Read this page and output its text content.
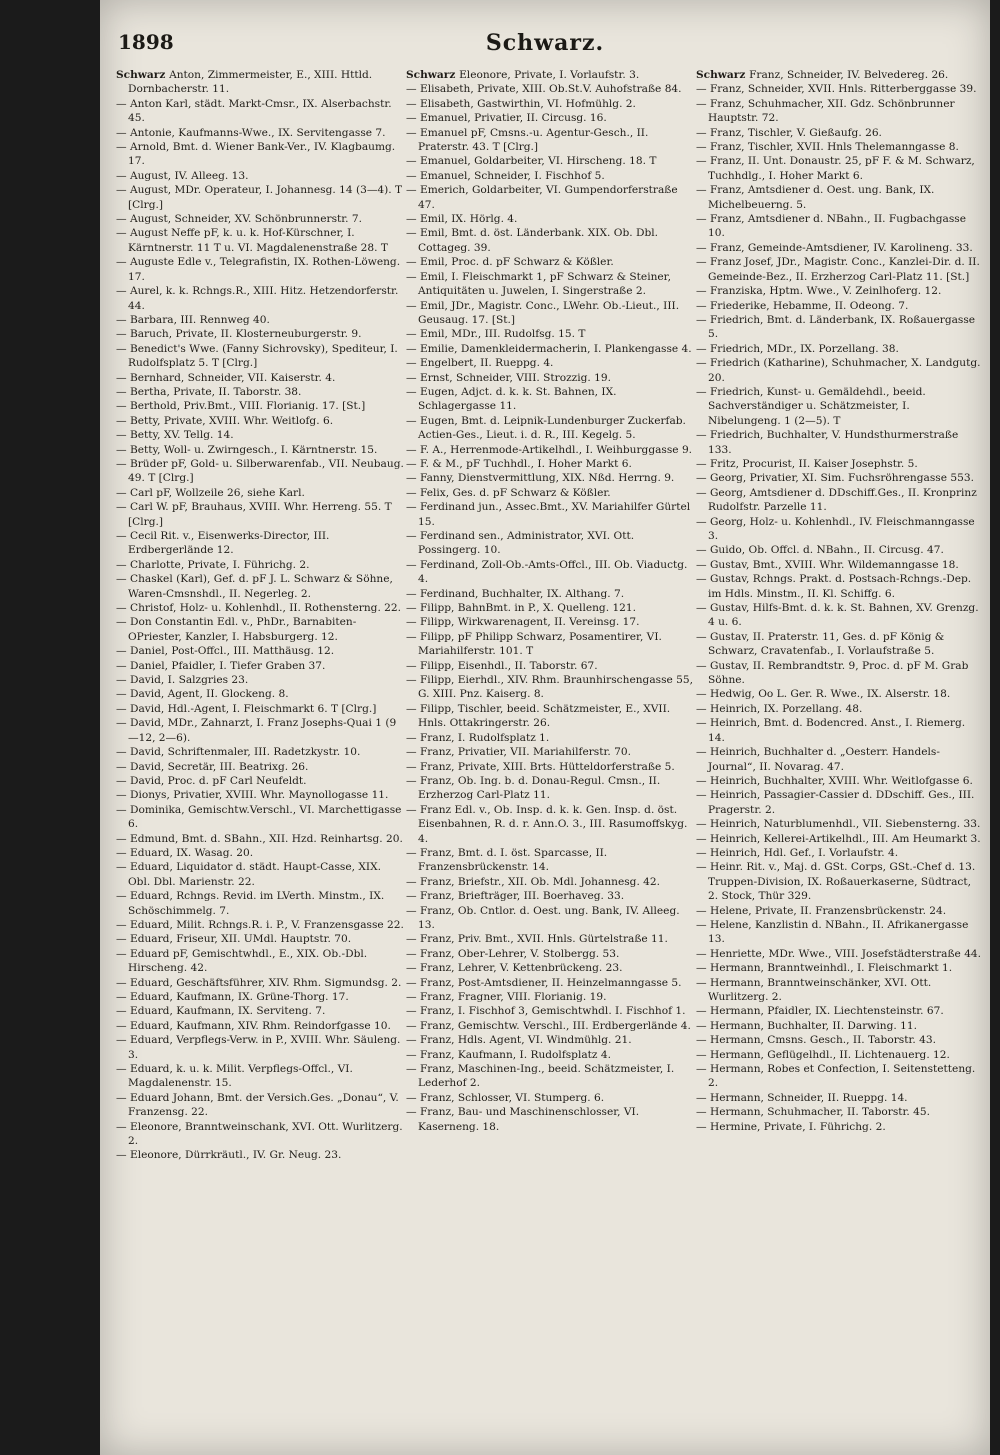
1898	Schwarz.

Schwarz Anton, Zimmermeister, E., XIII. Httld. Dornbacherstr. 11.

— Anton Karl, städt. Markt-Cmsr., IX. Alserbachstr. 45.

— Antonie, Kaufmanns-Wwe., IX. Servitengasse 7.

— Arnold, Bmt. d. Wiener Bank-Ver., IV. Klagbaumg. 17.

— August, IV. Alleeg. 13.

— August, MDr. Operateur, I. Johannesg. 14 (3—4). T [Clrg.]

— August, Schneider, XV. Schönbrunnerstr. 7.

— August Neffe pF, k. u. k. Hof-Kürschner, I. Kärntnerstr. 11 T u. VI. Magdalenenstraße 28. T

— Auguste Edle v., Telegrafistin, IX. Rothen-Löweng. 17.

— Aurel, k. k. Rchngs.R., XIII. Hitz. Hetzendorferstr. 44.

— Barbara, III. Rennweg 40.

— Baruch, Private, II. Klosterneuburgerstr. 9.

— Benedict's Wwe. (Fanny Sichrovsky), Spediteur, I. Rudolfsplatz 5. T [Clrg.]

— Bernhard, Schneider, VII. Kaiserstr. 4.

— Bertha, Private, II. Taborstr. 38.

— Berthold, Priv.Bmt., VIII. Florianig. 17. [St.]

— Betty, Private, XVIII. Whr. Weitlofg. 6.

— Betty, XV. Tellg. 14.

— Betty, Woll- u. Zwirngesch., I. Kärntnerstr. 15.

— Brüder pF, Gold- u. Silberwarenfab., VII. Neubaug. 49. T [Clrg.]

— Carl pF, Wollzeile 26, siehe Karl.

— Carl W. pF, Brauhaus, XVIII. Whr. Herreng. 55. T [Clrg.]

— Cecil Rit. v., Eisenwerks-Director, III. Erdbergerlände 12.

— Charlotte, Private, I. Führichg. 2.

— Chaskel (Karl), Gef. d. pF J. L. Schwarz & Söhne, Waren-Cmsnshdl., II. Negerleg. 2.

— Christof, Holz- u. Kohlenhdl., II. Rothensterng. 22.

— Don Constantin Edl. v., PhDr., Barnabiten-OPriester, Kanzler, I. Habsburgerg. 12.

— Daniel, Post-Offcl., III. Matthäusg. 12.

— Daniel, Pfaidler, I. Tiefer Graben 37.

— David, I. Salzgries 23.

— David, Agent, II. Glockeng. 8.

— David, Hdl.-Agent, I. Fleischmarkt 6. T [Clrg.]

— David, MDr., Zahnarzt, I. Franz Josephs-Quai 1 (9—12, 2—6).

— David, Schriftenmaler, III. Radetzkystr. 10.

— David, Secretär, III. Beatrixg. 26.

— David, Proc. d. pF Carl Neufeldt.

— Dionys, Privatier, XVIII. Whr. Maynollogasse 11.

— Dominika, Gemischtw.Verschl., VI. Marchettigasse 6.

— Edmund, Bmt. d. SBahn., XII. Hzd. Reinhartsg. 20.

— Eduard, IX. Wasag. 20.

— Eduard, Liquidator d. städt. Haupt-Casse, XIX. Obl. Dbl. Marienstr. 22.

— Eduard, Rchngs. Revid. im LVerth. Minstm., IX. Schöschimmelg. 7.

— Eduard, Milit. Rchngs.R. i. P., V. Franzensgasse 22.

— Eduard, Friseur, XII. UMdl. Hauptstr. 70.

— Eduard pF, Gemischtwhdl., E., XIX. Ob.-Dbl. Hirscheng. 42.

— Eduard, Geschäftsführer, XIV. Rhm. Sigmundsg. 2.

— Eduard, Kaufmann, IX. Grüne-Thorg. 17.

— Eduard, Kaufmann, IX. Serviteng. 7.

— Eduard, Kaufmann, XIV. Rhm. Reindorfgasse 10.

— Eduard, Verpflegs-Verw. in P., XVIII. Whr. Säuleng. 3.

— Eduard, k. u. k. Milit. Verpflegs-Offcl., VI. Magdalenenstr. 15.

— Eduard Johann, Bmt. der Versich.Ges. „Donau“, V. Franzensg. 22.

— Eleonore, Branntweinschank, XVI. Ott. Wurlitzerg. 2.

— Eleonore, Dürrkräutl., IV. Gr. Neug. 23.

Schwarz Eleonore, Private, I. Vorlaufstr. 3.

— Elisabeth, Private, XIII. Ob.St.V. Auhofstraße 84.

— Elisabeth, Gastwirthin, VI. Hofmühlg. 2.

— Emanuel, Privatier, II. Circusg. 16.

— Emanuel pF, Cmsns.-u. Agentur-Gesch., II. Praterstr. 43. T [Clrg.]

— Emanuel, Goldarbeiter, VI. Hirscheng. 18. T

— Emanuel, Schneider, I. Fischhof 5.

— Emerich, Goldarbeiter, VI. Gumpendorferstraße 47.

— Emil, IX. Hörlg. 4.

— Emil, Bmt. d. öst. Länderbank. XIX. Ob. Dbl. Cottageg. 39.

— Emil, Proc. d. pF Schwarz & Kößler.

— Emil, I. Fleischmarkt 1, pF Schwarz & Steiner, Antiquitäten u. Juwelen, I. Singerstraße 2.

— Emil, JDr., Magistr. Conc., LWehr. Ob.-Lieut., III. Geusaug. 17. [St.]

— Emil, MDr., III. Rudolfsg. 15. T

— Emilie, Damenkleidermacherin, I. Plankengasse 4.

— Engelbert, II. Rueppg. 4.

— Ernst, Schneider, VIII. Strozzig. 19.

— Eugen, Adjct. d. k. k. St. Bahnen, IX. Schlagergasse 11.

— Eugen, Bmt. d. Leipnik-Lundenburger Zuckerfab. Actien-Ges., Lieut. i. d. R., III. Kegelg. 5.

— F. A., Herrenmode-Artikelhdl., I. Weihburggasse 9.

— F. & M., pF Tuchhdl., I. Hoher Markt 6.

— Fanny, Dienstvermittlung, XIX. Nßd. Herrng. 9.

— Felix, Ges. d. pF Schwarz & Kößler.

— Ferdinand jun., Assec.Bmt., XV. Mariahilfer Gürtel 15.

— Ferdinand sen., Administrator, XVI. Ott. Possingerg. 10.

— Ferdinand, Zoll-Ob.-Amts-Offcl., III. Ob. Viaductg. 4.

— Ferdinand, Buchhalter, IX. Althang. 7.

— Filipp, BahnBmt. in P., X. Quelleng. 121.

— Filipp, Wirkwarenagent, II. Vereinsg. 17.

— Filipp, pF Philipp Schwarz, Posamentirer, VI. Mariahilferstr. 101. T

— Filipp, Eisenhdl., II. Taborstr. 67.

— Filipp, Eierhdl., XIV. Rhm. Braunhirschengasse 55, G. XIII. Pnz. Kaiserg. 8.

— Filipp, Tischler, beeid. Schätzmeister, E., XVII. Hnls. Ottakringerstr. 26.

— Franz, I. Rudolfsplatz 1.

— Franz, Privatier, VII. Mariahilferstr. 70.

— Franz, Private, XIII. Brts. Hütteldorferstraße 5.

— Franz, Ob. Ing. b. d. Donau-Regul. Cmsn., II. Erzherzog Carl-Platz 11.

— Franz Edl. v., Ob. Insp. d. k. k. Gen. Insp. d. öst. Eisenbahnen, R. d. r. Ann.O. 3., III. Rasumoffskyg. 4.

— Franz, Bmt. d. I. öst. Sparcasse, II. Franzensbrückenstr. 14.

— Franz, Briefstr., XII. Ob. Mdl. Johannesg. 42.

— Franz, Briefträger, III. Boerhaveg. 33.

— Franz, Ob. Cntlor. d. Oest. ung. Bank, IV. Alleeg. 13.

— Franz, Priv. Bmt., XVII. Hnls. Gürtelstraße 11.

— Franz, Ober-Lehrer, V. Stolbergg. 53.

— Franz, Lehrer, V. Kettenbrückeng. 23.

— Franz, Post-Amtsdiener, II. Heinzelmanngasse 5.

— Franz, Fragner, VIII. Florianig. 19.

— Franz, I. Fischhof 3, Gemischtwhdl. I. Fischhof 1.

— Franz, Gemischtw. Verschl., III. Erdbergerlände 4.

— Franz, Hdls. Agent, VI. Windmühlg. 21.

— Franz, Kaufmann, I. Rudolfsplatz 4.

— Franz, Maschinen-Ing., beeid. Schätzmeister, I. Lederhof 2.

— Franz, Schlosser, VI. Stumperg. 6.

— Franz, Bau- und Maschinenschlosser, VI. Kaserneng. 18.

Schwarz Franz, Schneider, IV. Belvedereg. 26.

— Franz, Schneider, XVII. Hnls. Ritterberggasse 39.

— Franz, Schuhmacher, XII. Gdz. Schönbrunner Hauptstr. 72.

— Franz, Tischler, V. Gießaufg. 26.

— Franz, Tischler, XVII. Hnls Thelemanngasse 8.

— Franz, II. Unt. Donaustr. 25, pF F. & M. Schwarz, Tuchhdlg., I. Hoher Markt 6.

— Franz, Amtsdiener d. Oest. ung. Bank, IX. Michelbeuerng. 5.

— Franz, Amtsdiener d. NBahn., II. Fugbachgasse 10.

— Franz, Gemeinde-Amtsdiener, IV. Karolineng. 33.

— Franz Josef, JDr., Magistr. Conc., Kanzlei-Dir. d. II. Gemeinde-Bez., II. Erzherzog Carl-Platz 11. [St.]

— Franziska, Hptm. Wwe., V. Zeinlhoferg. 12.

— Friederike, Hebamme, II. Odeong. 7.

— Friedrich, Bmt. d. Länderbank, IX. Roßauergasse 5.

— Friedrich, MDr., IX. Porzellang. 38.

— Friedrich (Katharine), Schuhmacher, X. Landgutg. 20.

— Friedrich, Kunst- u. Gemäldehdl., beeid. Sachverständiger u. Schätzmeister, I. Nibelungeng. 1 (2—5). T

— Friedrich, Buchhalter, V. Hundsthurmerstraße 133.

— Fritz, Procurist, II. Kaiser Josephstr. 5.

— Georg, Privatier, XI. Sim. Fuchsröhrengasse 553.

— Georg, Amtsdiener d. DDschiff.Ges., II. Kronprinz Rudolfstr. Parzelle 11.

— Georg, Holz- u. Kohlenhdl., IV. Fleischmanngasse 3.

— Guido, Ob. Offcl. d. NBahn., II. Circusg. 47.

— Gustav, Bmt., XVIII. Whr. Wildemanngasse 18.

— Gustav, Rchngs. Prakt. d. Postsach-Rchngs.-Dep. im Hdls. Minstm., II. Kl. Schiffg. 6.

— Gustav, Hilfs-Bmt. d. k. k. St. Bahnen, XV. Grenzg. 4 u. 6.

— Gustav, II. Praterstr. 11, Ges. d. pF König & Schwarz, Cravatenfab., I. Vorlaufstraße 5.

— Gustav, II. Rembrandtstr. 9, Proc. d. pF M. Grab Söhne.

— Hedwig, Oo L. Ger. R. Wwe., IX. Alserstr. 18.

— Heinrich, IX. Porzellang. 48.

— Heinrich, Bmt. d. Bodencred. Anst., I. Riemerg. 14.

— Heinrich, Buchhalter d. „Oesterr. Handels-Journal“, II. Novarag. 47.

— Heinrich, Buchhalter, XVIII. Whr. Weitlofgasse 6.

— Heinrich, Passagier-Cassier d. DDschiff. Ges., III. Pragerstr. 2.

— Heinrich, Naturblumenhdl., VII. Siebensterng. 33.

— Heinrich, Kellerei-Artikelhdl., III. Am Heumarkt 3.

— Heinrich, Hdl. Gef., I. Vorlaufstr. 4.

— Heinr. Rit. v., Maj. d. GSt. Corps, GSt.-Chef d. 13. Truppen-Division, IX. Roßauerkaserne, Südtract, 2. Stock, Thür 329.

— Helene, Private, II. Franzensbrückenstr. 24.

— Helene, Kanzlistin d. NBahn., II. Afrikanergasse 13.

— Henriette, MDr. Wwe., VIII. Josefstädterstraße 44.

— Hermann, Branntweinhdl., I. Fleischmarkt 1.

— Hermann, Branntweinschänker, XVI. Ott. Wurlitzerg. 2.

— Hermann, Pfaidler, IX. Liechtensteinstr. 67.

— Hermann, Buchhalter, II. Darwing. 11.

— Hermann, Cmsns. Gesch., II. Taborstr. 43.

— Hermann, Geflügelhdl., II. Lichtenauerg. 12.

— Hermann, Robes et Confection, I. Seitenstetteng. 2.

— Hermann, Schneider, II. Rueppg. 14.

— Hermann, Schuhmacher, II. Taborstr. 45.

— Hermine, Private, I. Führichg. 2.
